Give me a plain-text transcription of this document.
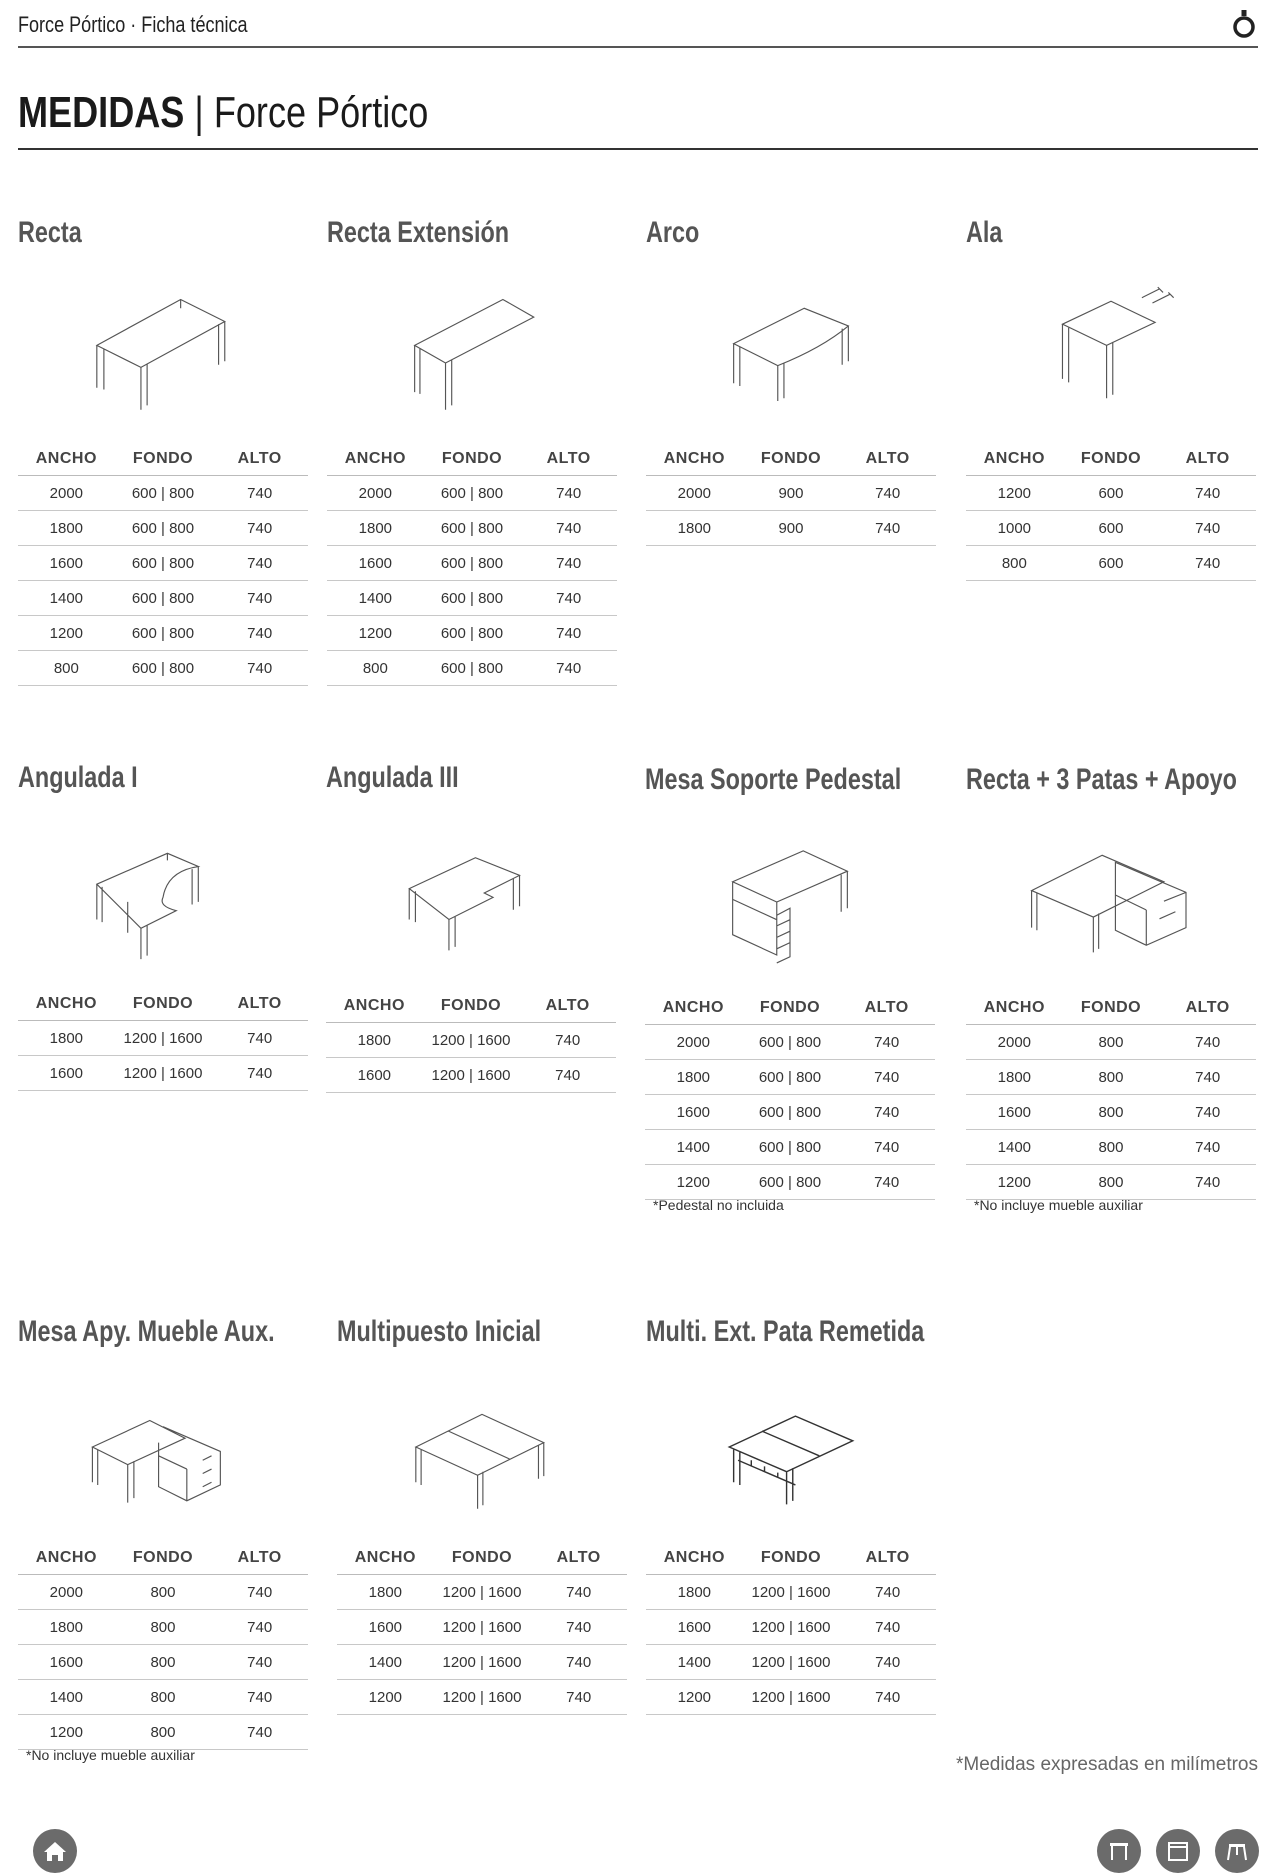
Force Pórtico · Ficha técnica
MEDIDAS | Force Pórtico
Recta
ANCHO	FONDO	ALTO
2000	600 | 800	740
1800	600 | 800	740
1600	600 | 800	740
1400	600 | 800	740
1200	600 | 800	740
800	600 | 800	740
Recta Extensión
ANCHO	FONDO	ALTO
2000	600 | 800	740
1800	600 | 800	740
1600	600 | 800	740
1400	600 | 800	740
1200	600 | 800	740
800	600 | 800	740
Arco
ANCHO	FONDO	ALTO
2000	900	740
1800	900	740
Ala
ANCHO	FONDO	ALTO
1200	600	740
1000	600	740
800	600	740
Angulada I
ANCHO	FONDO	ALTO
1800	1200 | 1600	740
1600	1200 | 1600	740
Angulada III
ANCHO	FONDO	ALTO
1800	1200 | 1600	740
1600	1200 | 1600	740
Mesa Soporte Pedestal
ANCHO	FONDO	ALTO
2000	600 | 800	740
1800	600 | 800	740
1600	600 | 800	740
1400	600 | 800	740
1200	600 | 800	740
*Pedestal no incluida
Recta + 3 Patas + Apoyo
ANCHO	FONDO	ALTO
2000	800	740
1800	800	740
1600	800	740
1400	800	740
1200	800	740
*No incluye mueble auxiliar
Mesa Apy. Mueble Aux.
ANCHO	FONDO	ALTO
2000	800	740
1800	800	740
1600	800	740
1400	800	740
1200	800	740
*No incluye mueble auxiliar
Multipuesto Inicial
ANCHO	FONDO	ALTO
1800	1200 | 1600	740
1600	1200 | 1600	740
1400	1200 | 1600	740
1200	1200 | 1600	740
Multi. Ext. Pata Remetida
ANCHO	FONDO	ALTO
1800	1200 | 1600	740
1600	1200 | 1600	740
1400	1200 | 1600	740
1200	1200 | 1600	740
*Medidas expresadas en milímetros
